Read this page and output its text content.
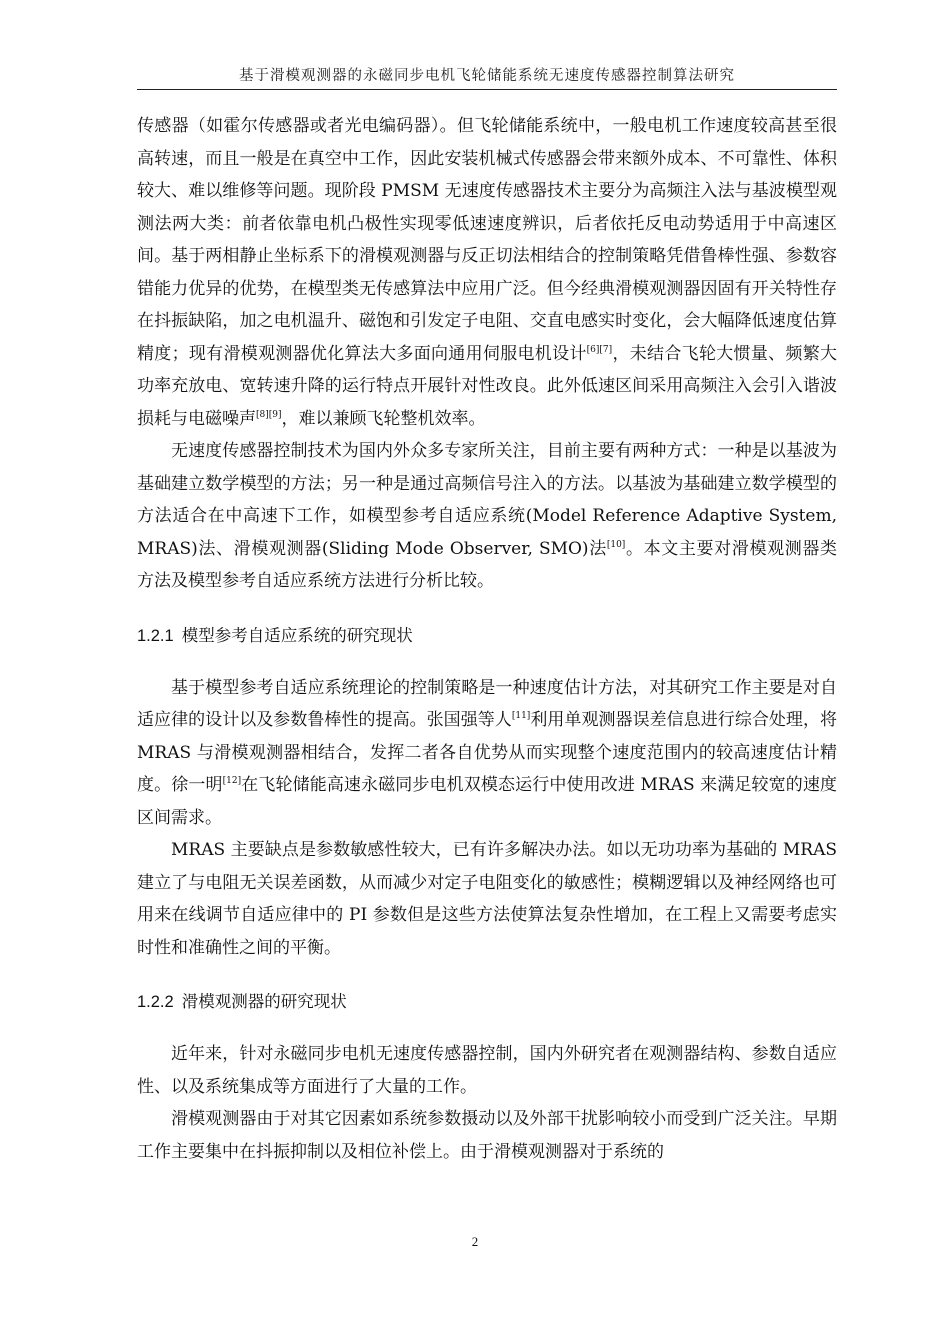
基于滑模观测器的永磁同步电机飞轮储能系统无速度传感器控制算法研究

传感器（如霍尔传感器或者光电编码器）。但飞轮储能系统中，一般电机工作速度较高甚至很高转速，而且一般是在真空中工作，因此安装机械式传感器会带来额外成本、不可靠性、体积较大、难以维修等问题。现阶段 PMSM 无速度传感器技术主要分为高频注入法与基波模型观测法两大类：前者依靠电机凸极性实现零低速速度辨识，后者依托反电动势适用于中高速区间。基于两相静止坐标系下的滑模观测器与反正切法相结合的控制策略凭借鲁棒性强、参数容错能力优异的优势，在模型类无传感算法中应用广泛。但今经典滑模观测器因固有开关特性存在抖振缺陷，加之电机温升、磁饱和引发定子电阻、交直电感实时变化，会大幅降低速度估算精度；现有滑模观测器优化算法大多面向通用伺服电机设计[6][7]，未结合飞轮大惯量、频繁大功率充放电、宽转速升降的运行特点开展针对性改良。此外低速区间采用高频注入会引入谐波损耗与电磁噪声[8][9]，难以兼顾飞轮整机效率。

无速度传感器控制技术为国内外众多专家所关注，目前主要有两种方式：一种是以基波为基础建立数学模型的方法；另一种是通过高频信号注入的方法。以基波为基础建立数学模型的方法适合在中高速下工作，如模型参考自适应系统(Model Reference Adaptive System, MRAS)法、滑模观测器(Sliding Mode Observer, SMO)法[10]。本文主要对滑模观测器类方法及模型参考自适应系统方法进行分析比较。

1.2.1 模型参考自适应系统的研究现状

基于模型参考自适应系统理论的控制策略是一种速度估计方法，对其研究工作主要是对自适应律的设计以及参数鲁棒性的提高。张国强等人[11]利用单观测器误差信息进行综合处理，将 MRAS 与滑模观测器相结合，发挥二者各自优势从而实现整个速度范围内的较高速度估计精度。徐一明[12]在飞轮储能高速永磁同步电机双模态运行中使用改进 MRAS 来满足较宽的速度区间需求。

MRAS 主要缺点是参数敏感性较大，已有许多解决办法。如以无功功率为基础的 MRAS 建立了与电阻无关误差函数，从而减少对定子电阻变化的敏感性；模糊逻辑以及神经网络也可用来在线调节自适应律中的 PI 参数但是这些方法使算法复杂性增加，在工程上又需要考虑实时性和准确性之间的平衡。

1.2.2 滑模观测器的研究现状

近年来，针对永磁同步电机无速度传感器控制，国内外研究者在观测器结构、参数自适应性、以及系统集成等方面进行了大量的工作。

滑模观测器由于对其它因素如系统参数摄动以及外部干扰影响较小而受到广泛关注。早期工作主要集中在抖振抑制以及相位补偿上。由于滑模观测器对于系统的

2
